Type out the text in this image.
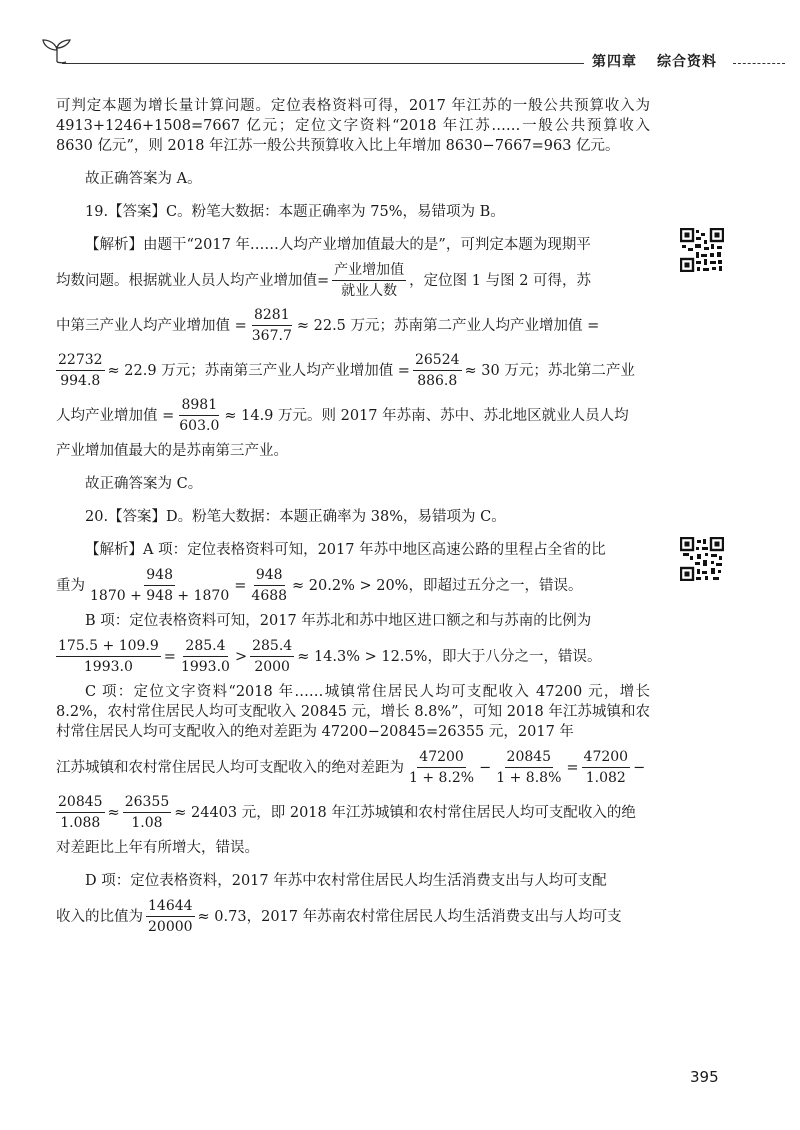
第四章 综合资料

可判定本题为增长量计算问题。定位表格资料可得，2017 年江苏的一般公共预算收入为 4913+1246+1508=7667 亿元；定位文字资料“2018 年江苏……一般公共预算收入 8630 亿元”，则 2018 年江苏一般公共预算收入比上年增加 8630−7667=963 亿元。

故正确答案为 A。

19.【答案】C。粉笔大数据：本题正确率为 75%，易错项为 B。

【解析】由题干“2017 年……人均产业增加值最大的是”，可判定本题为现期平
均数问题。根据就业人员人均产业增加值= $\frac{\text{产业增加值}}{\text{就业人数}}$ ，定位图 1 与图 2 可得，苏
中第三产业人均产业增加值 = $\frac{8281}{367.7} \approx 22.5$ 万元；苏南第二产业人均产业增加值 =
$\frac{22732}{994.8} \approx 22.9$ 万元；苏南第三产业人均产业增加值 = $\frac{26524}{886.8} \approx 30$ 万元；苏北第二产业
人均产业增加值 = $\frac{8981}{603.0} \approx 14.9$ 万元。则 2017 年苏南、苏中、苏北地区就业人员人均

产业增加值最大的是苏南第三产业。

故正确答案为 C。

20.【答案】D。粉笔大数据：本题正确率为 38%，易错项为 C。

【解析】A 项：定位表格资料可知，2017 年苏中地区高速公路的里程占全省的比

重为 $\frac{948}{1870 + 948 + 1870} = \frac{948}{4688} \approx 20.2\% > 20\%$，即超过五分之一，错误。

B 项：定位表格资料可知，2017 年苏北和苏中地区进口额之和与苏南的比例为

$\frac{175.5 + 109.9}{1993.0} = \frac{285.4}{1993.0} > \frac{285.4}{2000} \approx 14.3\% > 12.5\%$，即大于八分之一，错误。

C 项：定位文字资料“2018 年……城镇常住居民人均可支配收入 47200 元，增长 8.2%，农村常住居民人均可支配收入 20845 元，增长 8.8%”，可知 2018 年江苏城镇和农村常住居民人均可支配收入的绝对差距为 47200−20845=26355 元，2017 年

江苏城镇和农村常住居民人均可支配收入的绝对差距为 $\frac{47200}{1 + 8.2\%} - \frac{20845}{1 + 8.8\%} = \frac{47200}{1.082}$ −
$\frac{20845}{1.088} \approx \frac{26355}{1.08} \approx 24403$ 元，即 2018 年江苏城镇和农村常住居民人均可支配收入的绝

对差距比上年有所增大，错误。

D 项：定位表格资料，2017 年苏中农村常住居民人均生活消费支出与人均可支配

收入的比值为 $\frac{14644}{20000} \approx 0.73$，2017 年苏南农村常住居民人均生活消费支出与人均可支
395
